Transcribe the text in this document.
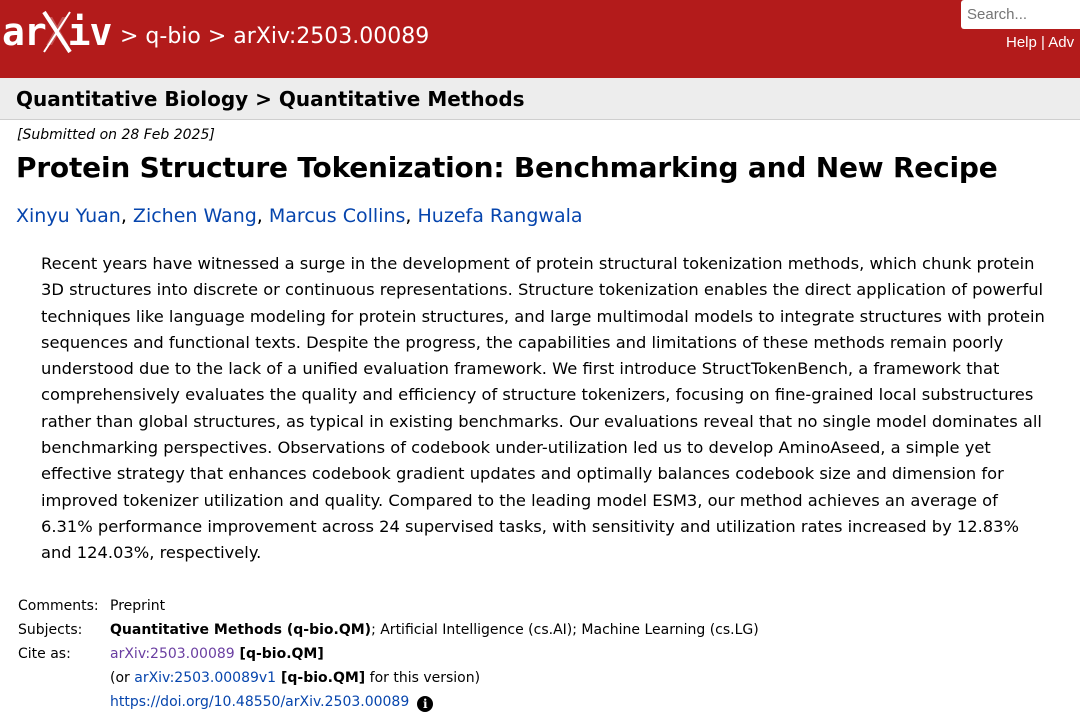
arX
iv > q-bio > arXiv:2503.00089
Search...	Help | Adv
Quantitative Biology > Quantitative Methods
[Submitted on 28 Feb 2025]
Protein Structure Tokenization: Benchmarking and New Recipe
Xinyu Yuan, Zichen Wang, Marcus Collins, Huzefa Rangwala
Recent years have witnessed a surge in the development of protein structural tokenization methods, which chunk protein 3D structures into discrete or continuous representations. Structure tokenization enables the direct application of powerful techniques like language modeling for protein structures, and large multimodal models to integrate structures with protein sequences and functional texts. Despite the progress, the capabilities and limitations of these methods remain poorly understood due to the lack of a unified evaluation framework. We first introduce StructTokenBench, a framework that comprehensively evaluates the quality and efficiency of structure tokenizers, focusing on fine-grained local substructures rather than global structures, as typical in existing benchmarks. Our evaluations reveal that no single model dominates all benchmarking perspectives. Observations of codebook under-utilization led us to develop AminoAseed, a simple yet effective strategy that enhances codebook gradient updates and optimally balances codebook size and dimension for improved tokenizer utilization and quality. Compared to the leading model ESM3, our method achieves an average of 6.31% performance improvement across 24 supervised tasks, with sensitivity and utilization rates increased by 12.83% and 124.03%, respectively.
Comments: Preprint
Subjects:	Quantitative Methods (q-bio.QM); Artificial Intelligence (cs.AI); Machine Learning (cs.LG)
Cite as:	arXiv:2503.00089 [q-bio.QM]
(or arXiv:2503.00089v1 [q-bio.QM] for this version)
https://doi.org/10.48550/arXiv.2503.00089 i
